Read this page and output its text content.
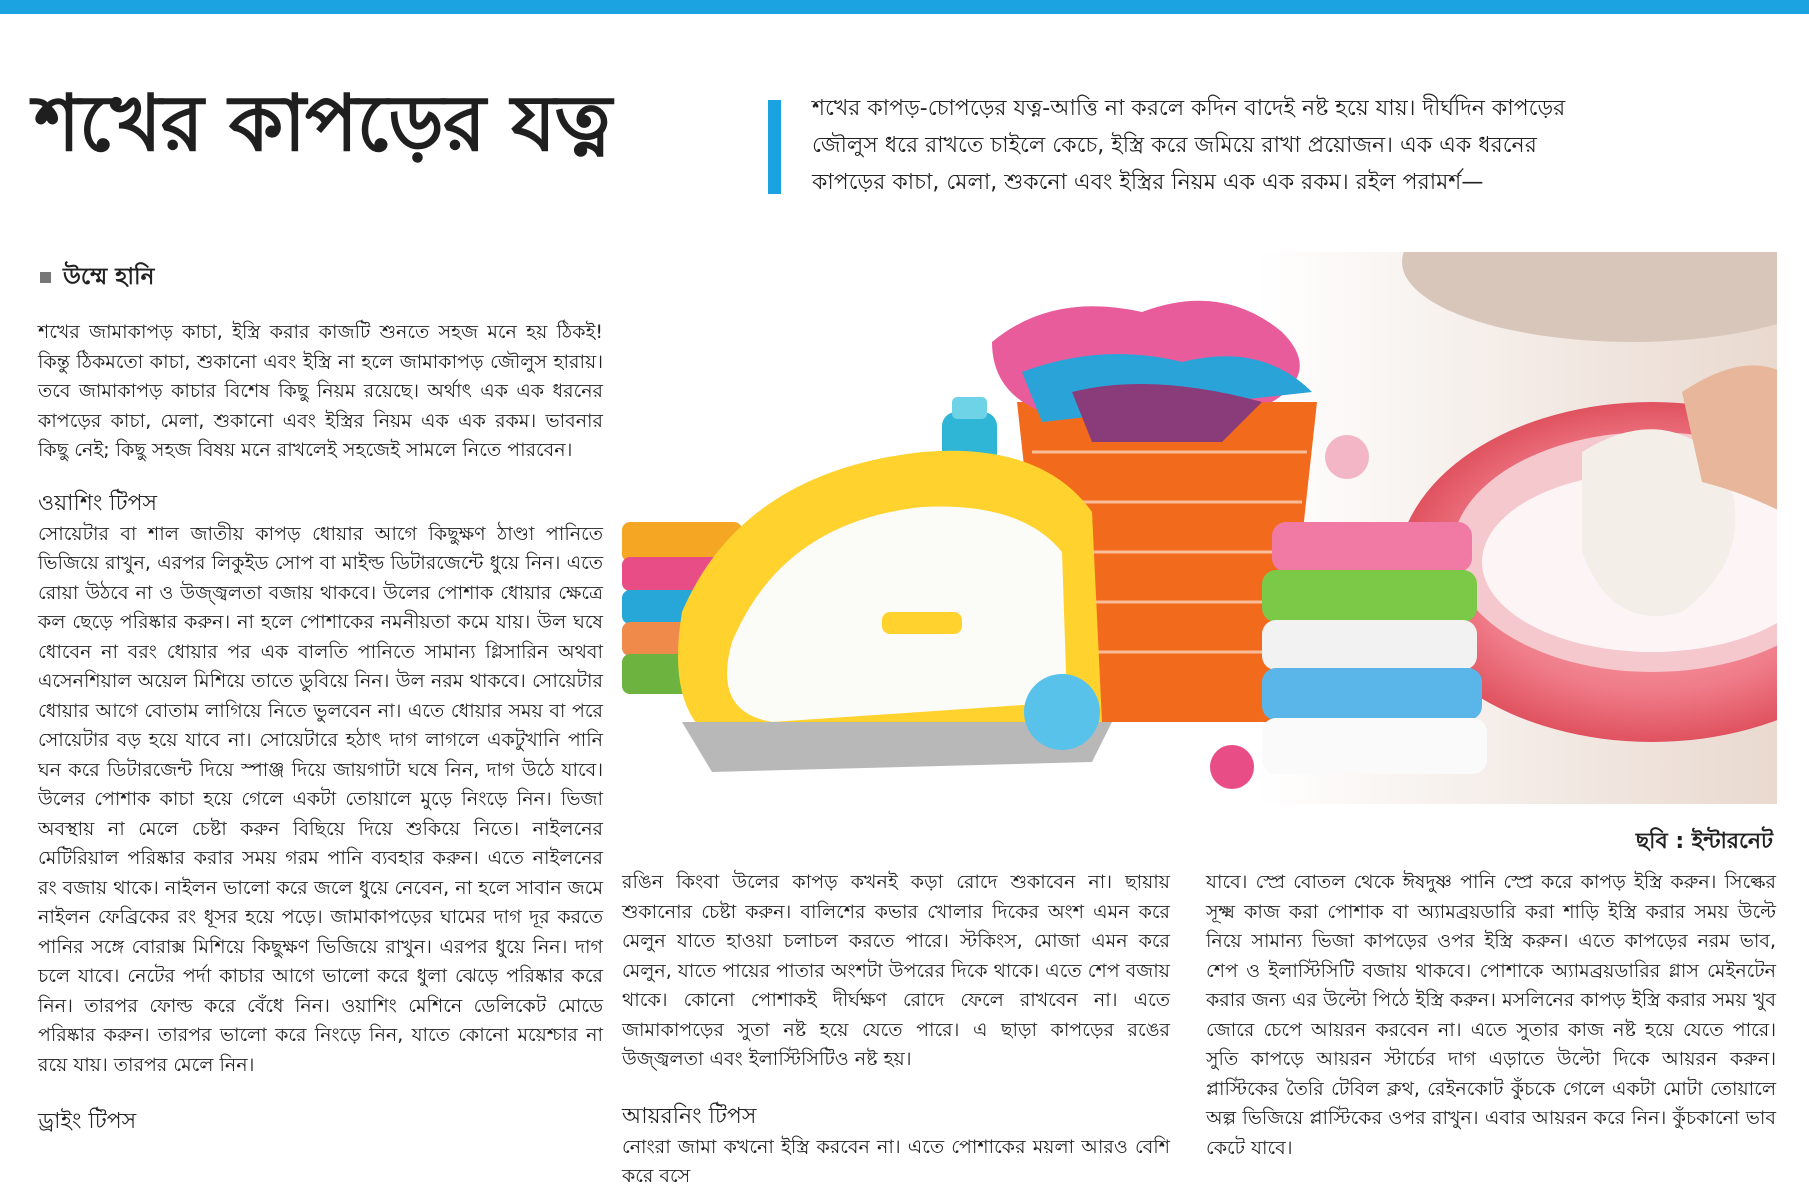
শখের কাপড়ের যত্ন	শখের কাপড়-চোপড়ের যত্ন-আত্তি না করলে কদিন বাদেই নষ্ট হয়ে যায়। দীর্ঘদিন কাপড়ের জৌলুস ধরে রাখতে চাইলে কেচে, ইস্ত্রি করে জমিয়ে রাখা প্রয়োজন। এক এক ধরনের কাপড়ের কাচা, মেলা, শুকনো এবং ইস্ত্রির নিয়ম এক এক রকম। রইল পরামর্শ—

উম্মে হানি

শখের জামাকাপড় কাচা, ইস্ত্রি করার কাজটি শুনতে সহজ মনে হয় ঠিকই! কিন্তু ঠিকমতো কাচা, শুকানো এবং ইস্ত্রি না হলে জামাকাপড় জৌলুস হারায়। তবে জামাকাপড় কাচার বিশেষ কিছু নিয়ম রয়েছে। অর্থাৎ এক এক ধরনের কাপড়ের কাচা, মেলা, শুকানো এবং ইস্ত্রির নিয়ম এক এক রকম। ভাবনার কিছু নেই; কিছু সহজ বিষয় মনে রাখলেই সহজেই সামলে নিতে পারবেন।

ওয়াশিং টিপস

সোয়েটার বা শাল জাতীয় কাপড় ধোয়ার আগে কিছুক্ষণ ঠাণ্ডা পানিতে ভিজিয়ে রাখুন, এরপর লিকুইড সোপ বা মাইল্ড ডিটারজেন্টে ধুয়ে নিন। এতে রোয়া উঠবে না ও উজ্জ্বলতা বজায় থাকবে। উলের পোশাক ধোয়ার ক্ষেত্রে কল ছেড়ে পরিষ্কার করুন। না হলে পোশাকের নমনীয়তা কমে যায়। উল ঘষে ধোবেন না বরং ধোয়ার পর এক বালতি পানিতে সামান্য গ্লিসারিন অথবা এসেনশিয়াল অয়েল মিশিয়ে তাতে ডুবিয়ে নিন। উল নরম থাকবে। সোয়েটার ধোয়ার আগে বোতাম লাগিয়ে নিতে ভুলবেন না। এতে ধোয়ার সময় বা পরে সোয়েটার বড় হয়ে যাবে না। সোয়েটারে হঠাৎ দাগ লাগলে একটুখানি পানি ঘন করে ডিটারজেন্ট দিয়ে স্পাঞ্জ দিয়ে জায়গাটা ঘষে নিন, দাগ উঠে যাবে। উলের পোশাক কাচা হয়ে গেলে একটা তোয়ালে মুড়ে নিংড়ে নিন। ভিজা অবস্থায় না মেলে চেষ্টা করুন বিছিয়ে দিয়ে শুকিয়ে নিতে। নাইলনের মেটিরিয়াল পরিষ্কার করার সময় গরম পানি ব্যবহার করুন। এতে নাইলনের রং বজায় থাকে। নাইলন ভালো করে জলে ধুয়ে নেবেন, না হলে সাবান জমে নাইলন ফেব্রিকের রং ধূসর হয়ে পড়ে। জামাকাপড়ের ঘামের দাগ দূর করতে পানির সঙ্গে বোরাক্স মিশিয়ে কিছুক্ষণ ভিজিয়ে রাখুন। এরপর ধুয়ে নিন। দাগ চলে যাবে। নেটের পর্দা কাচার আগে ভালো করে ধুলা ঝেড়ে পরিষ্কার করে নিন। তারপর ফোল্ড করে বেঁধে নিন। ওয়াশিং মেশিনে ডেলিকেট মোডে পরিষ্কার করুন। তারপর ভালো করে নিংড়ে নিন, যাতে কোনো ময়েশ্চার না রয়ে যায়। তারপর মেলে নিন।

ড্রাইং টিপস
ছবি : ইন্টারনেট

রঙিন কিংবা উলের কাপড় কখনই কড়া রোদে শুকাবেন না। ছায়ায় শুকানোর চেষ্টা করুন। বালিশের কভার খোলার দিকের অংশ এমন করে মেলুন যাতে হাওয়া চলাচল করতে পারে। স্টকিংস, মোজা এমন করে মেলুন, যাতে পায়ের পাতার অংশটা উপরের দিকে থাকে। এতে শেপ বজায় থাকে। কোনো পোশাকই দীর্ঘক্ষণ রোদে ফেলে রাখবেন না। এতে জামাকাপড়ের সুতা নষ্ট হয়ে যেতে পারে। এ ছাড়া কাপড়ের রঙের উজ্জ্বলতা এবং ইলাস্টিসিটিও নষ্ট হয়।

আয়রনিং টিপস

নোংরা জামা কখনো ইস্ত্রি করবেন না। এতে পোশাকের ময়লা আরও বেশি করে বসে

যাবে। স্প্রে বোতল থেকে ঈষদুষ্ণ পানি স্প্রে করে কাপড় ইস্ত্রি করুন। সিল্কের সূক্ষ্ম কাজ করা পোশাক বা অ্যামব্রয়ডারি করা শাড়ি ইস্ত্রি করার সময় উল্টে নিয়ে সামান্য ভিজা কাপড়ের ওপর ইস্ত্রি করুন। এতে কাপড়ের নরম ভাব, শেপ ও ইলাস্টিসিটি বজায় থাকবে। পোশাকে অ্যামব্রয়ডারির গ্লাস মেইনটেন করার জন্য এর উল্টো পিঠে ইস্ত্রি করুন। মসলিনের কাপড় ইস্ত্রি করার সময় খুব জোরে চেপে আয়রন করবেন না। এতে সুতার কাজ নষ্ট হয়ে যেতে পারে। সুতি কাপড়ে আয়রন স্টার্চের দাগ এড়াতে উল্টো দিকে আয়রন করুন। প্লাস্টিকের তৈরি টেবিল ক্লথ, রেইনকোট কুঁচকে গেলে একটা মোটা তোয়ালে অল্প ভিজিয়ে প্লাস্টিকের ওপর রাখুন। এবার আয়রন করে নিন। কুঁচকানো ভাব কেটে যাবে।
